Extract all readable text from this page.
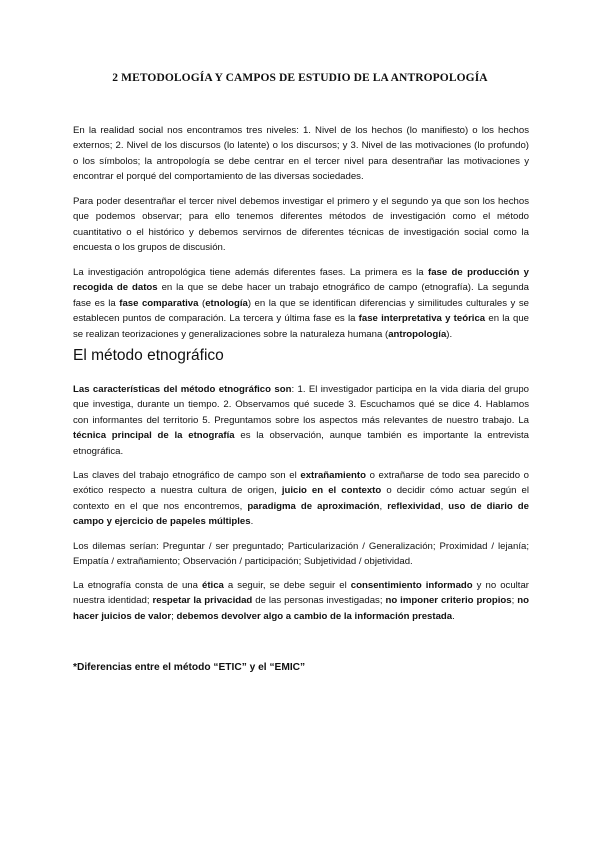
2 METODOLOGÍA Y CAMPOS DE ESTUDIO DE LA ANTROPOLOGÍA

En la realidad social nos encontramos tres niveles: 1. Nivel de los hechos (lo manifiesto) o los hechos externos; 2. Nivel de los discursos (lo latente) o los discursos; y 3. Nivel de las motivaciones (lo profundo) o los símbolos; la antropología se debe centrar en el tercer nivel para desentrañar las motivaciones y encontrar el porqué del comportamiento de las diversas sociedades.

Para poder desentrañar el tercer nivel debemos investigar el primero y el segundo ya que son los hechos que podemos observar; para ello tenemos diferentes métodos de investigación como el método cuantitativo o el histórico y debemos servirnos de diferentes técnicas de investigación social como la encuesta o los grupos de discusión.

La investigación antropológica tiene además diferentes fases. La primera es la fase de producción y recogida de datos en la que se debe hacer un trabajo etnográfico de campo (etnografía). La segunda fase es la fase comparativa (etnología) en la que se identifican diferencias y similitudes culturales y se establecen puntos de comparación. La tercera y última fase es la fase interpretativa y teórica en la que se realizan teorizaciones y generalizaciones sobre la naturaleza humana (antropología).

El método etnográfico

Las características del método etnográfico son: 1. El investigador participa en la vida diaria del grupo que investiga, durante un tiempo. 2. Observamos qué sucede 3. Escuchamos qué se dice 4. Hablamos con informantes del territorio 5. Preguntamos sobre los aspectos más relevantes de nuestro trabajo. La técnica principal de la etnografía es la observación, aunque también es importante la entrevista etnográfica.

Las claves del trabajo etnográfico de campo son el extrañamiento o extrañarse de todo sea parecido o exótico respecto a nuestra cultura de origen, juicio en el contexto o decidir cómo actuar según el contexto en el que nos encontremos, paradigma de aproximación, reflexividad, uso de diario de campo y ejercicio de papeles múltiples.

Los dilemas serían: Preguntar / ser preguntado; Particularización / Generalización; Proximidad / lejanía; Empatía / extrañamiento; Observación / participación; Subjetividad / objetividad.

La etnografía consta de una ética a seguir, se debe seguir el consentimiento informado y no ocultar nuestra identidad; respetar la privacidad de las personas investigadas; no imponer criterio propios; no hacer juicios de valor; debemos devolver algo a cambio de la información prestada.

*Diferencias entre el método “ETIC” y el “EMIC”
